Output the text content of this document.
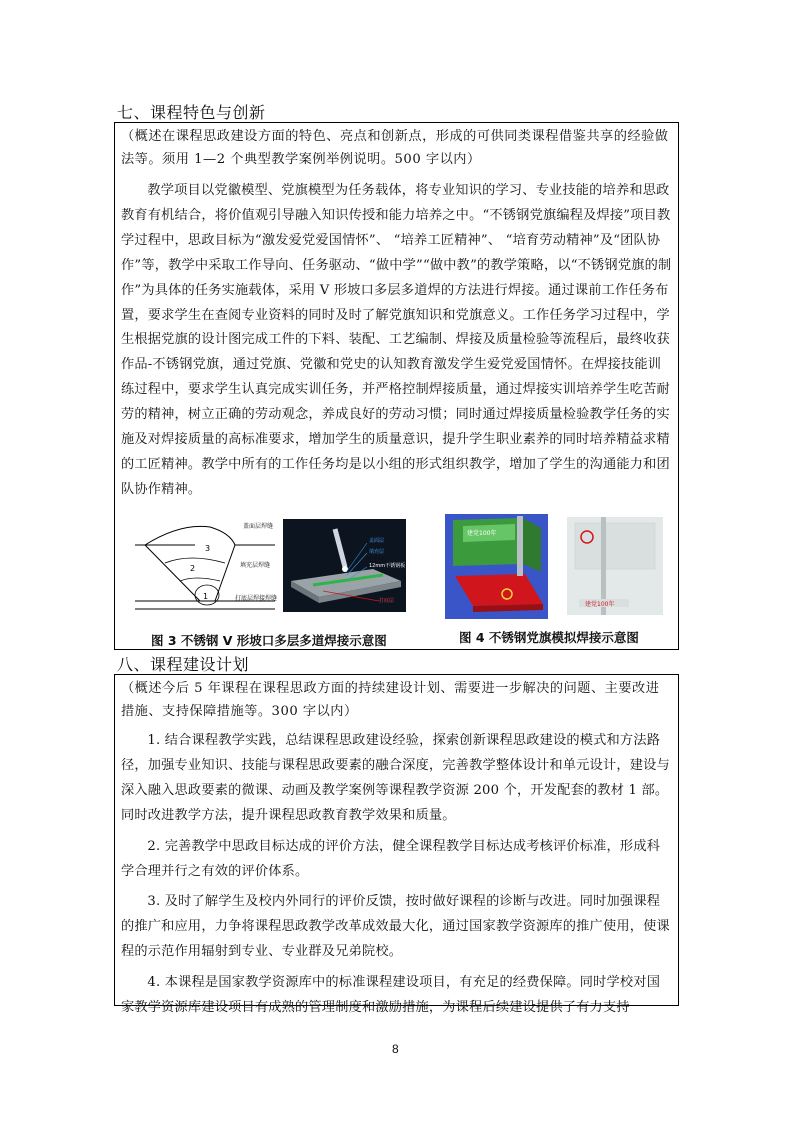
七、课程特色与创新
（概述在课程思政建设方面的特色、亮点和创新点，形成的可供同类课程借鉴共享的经验做法等。须用 1—2 个典型教学案例举例说明。500 字以内）

教学项目以党徽模型、党旗模型为任务载体，将专业知识的学习、专业技能的培养和思政教育有机结合，将价值观引导融入知识传授和能力培养之中。“不锈钢党旗编程及焊接”项目教学过程中，思政目标为“激发爱党爱国情怀”、 “培养工匠精神”、 “培育劳动精神”及“团队协作”等，教学中采取工作导向、任务驱动、“做中学”“做中教”的教学策略，以“不锈钢党旗的制作”为具体的任务实施载体，采用 V 形坡口多层多道焊的方法进行焊接。通过课前工作任务布置，要求学生在查阅专业资料的同时及时了解党旗知识和党旗意义。工作任务学习过程中，学生根据党旗的设计图完成工件的下料、装配、工艺编制、焊接及质量检验等流程后，最终收获作品-不锈钢党旗，通过党旗、党徽和党史的认知教育激发学生爱党爱国情怀。在焊接技能训练过程中，要求学生认真完成实训任务，并严格控制焊接质量，通过焊接实训培养学生吃苦耐劳的精神，树立正确的劳动观念，养成良好的劳动习惯；同时通过焊接质量检验教学任务的实施及对焊接质量的高标准要求，增加学生的质量意识，提升学生职业素养的同时培养精益求精的工匠精神。教学中所有的工作任务均是以小组的形式组织教学，增加了学生的沟通能力和团队协作精神。

3
2
1
盖面层焊缝
填充层焊缝
打底层焊接焊缝
盖面层
填充层
12mm不锈钢板
打底层
建党100年
建党100年
图 3 不锈钢 V 形坡口多层多道焊接示意图	图 4 不锈钢党旗模拟焊接示意图
八、课程建设计划
（概述今后 5 年课程在课程思政方面的持续建设计划、需要进一步解决的问题、主要改进措施、支持保障措施等。300 字以内）

1. 结合课程教学实践，总结课程思政建设经验，探索创新课程思政建设的模式和方法路径，加强专业知识、技能与课程思政要素的融合深度，完善教学整体设计和单元设计，建设与深入融入思政要素的微课、动画及教学案例等课程教学资源 200 个，开发配套的教材 1 部。同时改进教学方法，提升课程思政教育教学效果和质量。

2. 完善教学中思政目标达成的评价方法，健全课程教学目标达成考核评价标准，形成科学合理并行之有效的评价体系。

3. 及时了解学生及校内外同行的评价反馈，按时做好课程的诊断与改进。同时加强课程的推广和应用，力争将课程思政教学改革成效最大化，通过国家教学资源库的推广使用，使课程的示范作用辐射到专业、专业群及兄弟院校。

4. 本课程是国家教学资源库中的标准课程建设项目，有充足的经费保障。同时学校对国家教学资源库建设项目有成熟的管理制度和激励措施，为课程后续建设提供了有力支持

8
